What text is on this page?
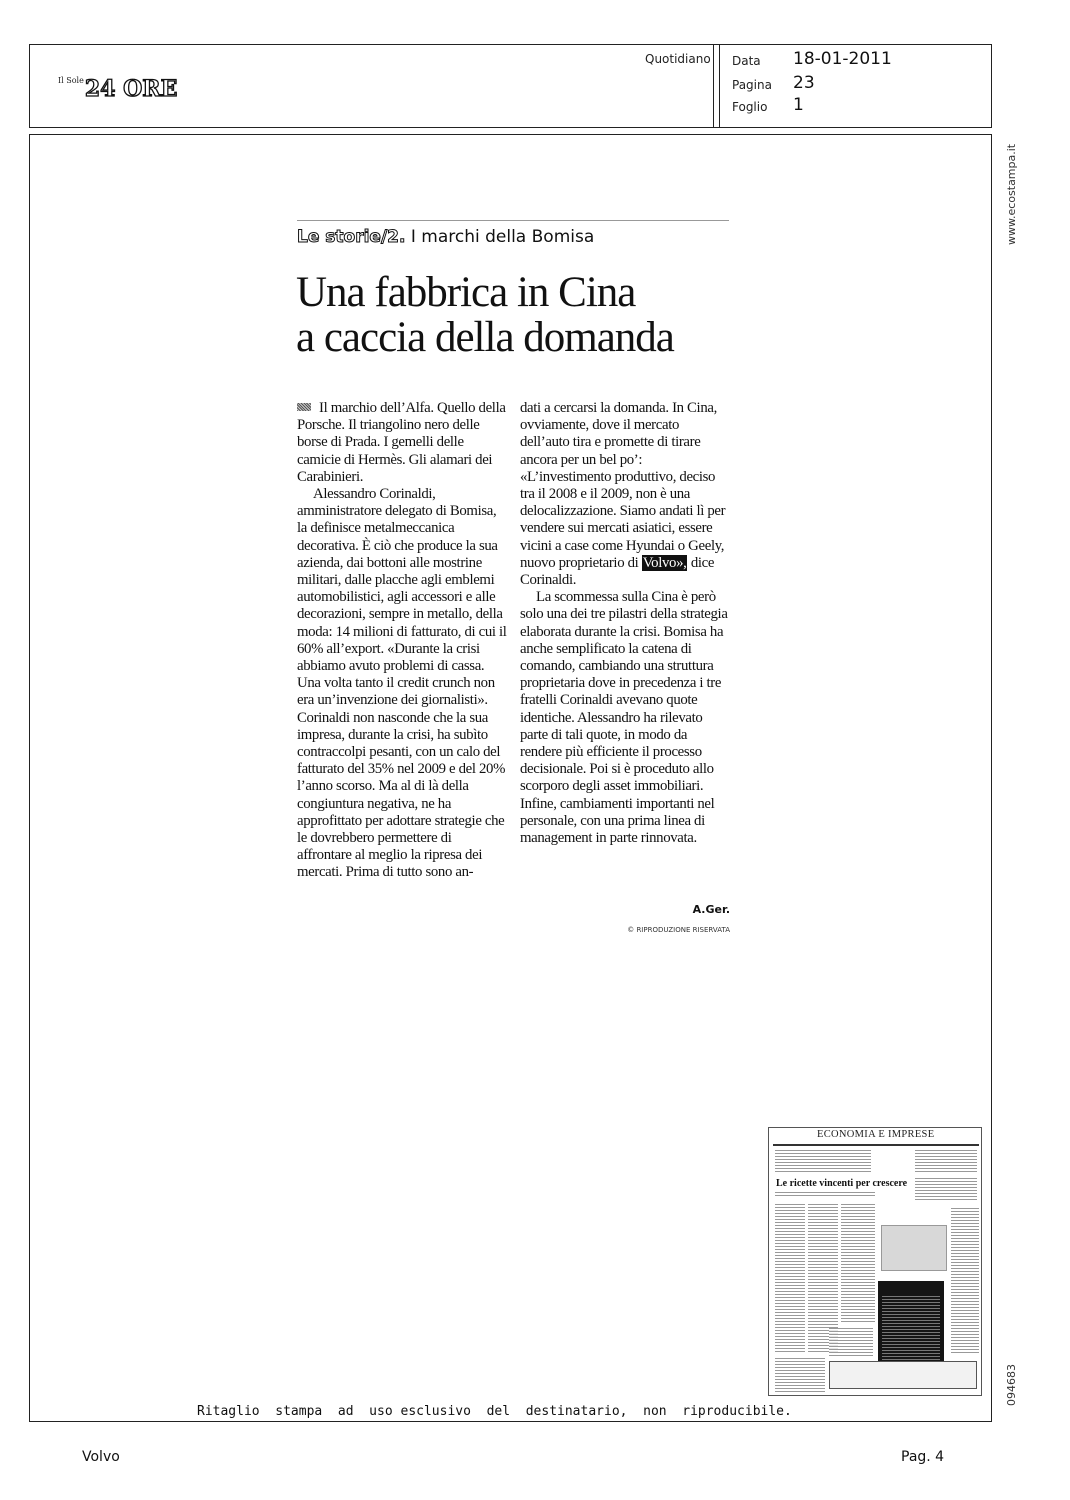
$^{Il Sole}$24 ORE
Quotidiano Data 18-01-2011
Pagina 23
Foglio 1
www.ecostampa.it
094683
Le storie/2. I marchi della Bomisa
Una fabbrica in Cina
a caccia della domanda

Il marchio dell’Alfa. Quello della Porsche. Il triangolino nero delle borse di Prada. I gemelli delle camicie di Hermès. Gli alamari dei Carabinieri.

Alessandro Corinaldi, amministratore delegato di Bomisa, la definisce metalmeccanica decorativa. È ciò che produce la sua azienda, dai bottoni alle mostrine militari, dalle placche agli emblemi automobilistici, agli accessori e alle decorazioni, sempre in metallo, della moda: 14 milioni di fatturato, di cui il 60% all’export. «Durante la crisi abbiamo avuto problemi di cassa. Una volta tanto il credit crunch non era un’invenzione dei giornalisti». Corinaldi non nasconde che la sua impresa, durante la crisi, ha subìto contraccolpi pesanti, con un calo del fatturato del 35% nel 2009 e del 20% l’anno scorso. Ma al di là della congiuntura negativa, ne ha approfittato per adottare strategie che le dovrebbero permettere di affrontare al meglio la ripresa dei mercati. Prima di tutto sono an-

dati a cercarsi la domanda. In Cina, ovviamente, dove il mercato dell’auto tira e promette di tirare ancora per un bel po’: «L’investimento produttivo, deciso tra il 2008 e il 2009, non è una delocalizzazione. Siamo andati lì per vendere sui mercati asiatici, essere vicini a case come Hyundai o Geely, nuovo proprietario di Volvo», dice Corinaldi.

La scommessa sulla Cina è però solo una dei tre pilastri della strategia elaborata durante la crisi. Bomisa ha anche semplificato la catena di comando, cambiando una struttura proprietaria dove in precedenza i tre fratelli Corinaldi avevano quote identiche. Alessandro ha rilevato parte di tali quote, in modo da rendere più efficiente il processo decisionale. Poi si è proceduto allo scorporo degli asset immobiliari. Infine, cambiamenti importanti nel personale, con una prima linea di management in parte rinnovata.

A.Ger.
© RIPRODUZIONE RISERVATA
ECONOMIA E IMPRESE
Le ricette vincenti per crescere
Ritaglio  stampa  ad  uso esclusivo  del  destinatario,  non  riproducibile.
Volvo	Pag. 4
